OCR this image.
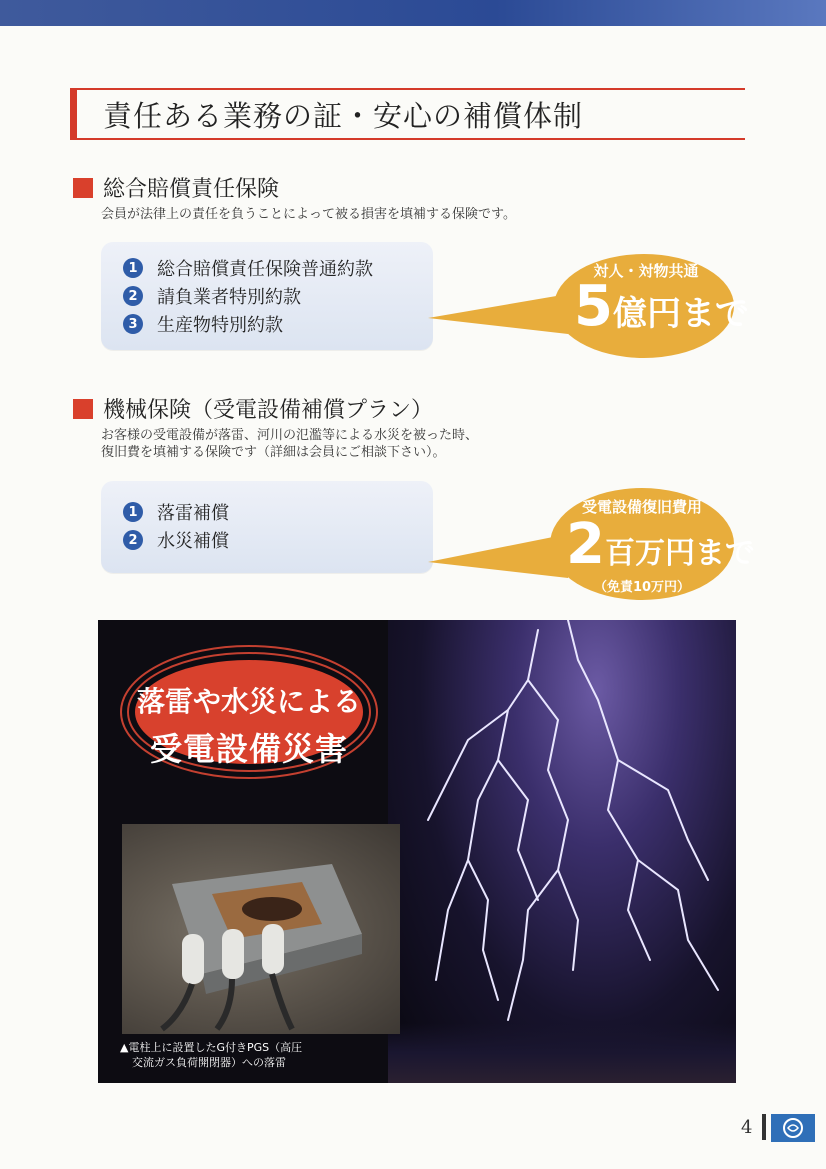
責任ある業務の証・安心の補償体制
総合賠償責任保険
会員が法律上の責任を負うことによって被る損害を填補する保険です。
1	総合賠償責任保険普通約款
2	請負業者特別約款
3	生産物特別約款
対人・対物共通
5億円まで
機械保険（受電設備補償プラン）
お客様の受電設備が落雷、河川の氾濫等による水災を被った時、
復旧費を填補する保険です（詳細は会員にご相談下さい）。
1	落雷補償
2	水災補償
受電設備復旧費用
2百万円まで
（免責10万円）
落雷や水災による
受電設備災害
▲電柱上に設置したG付きPGS（高圧
交流ガス負荷開閉器）への落雷
4
